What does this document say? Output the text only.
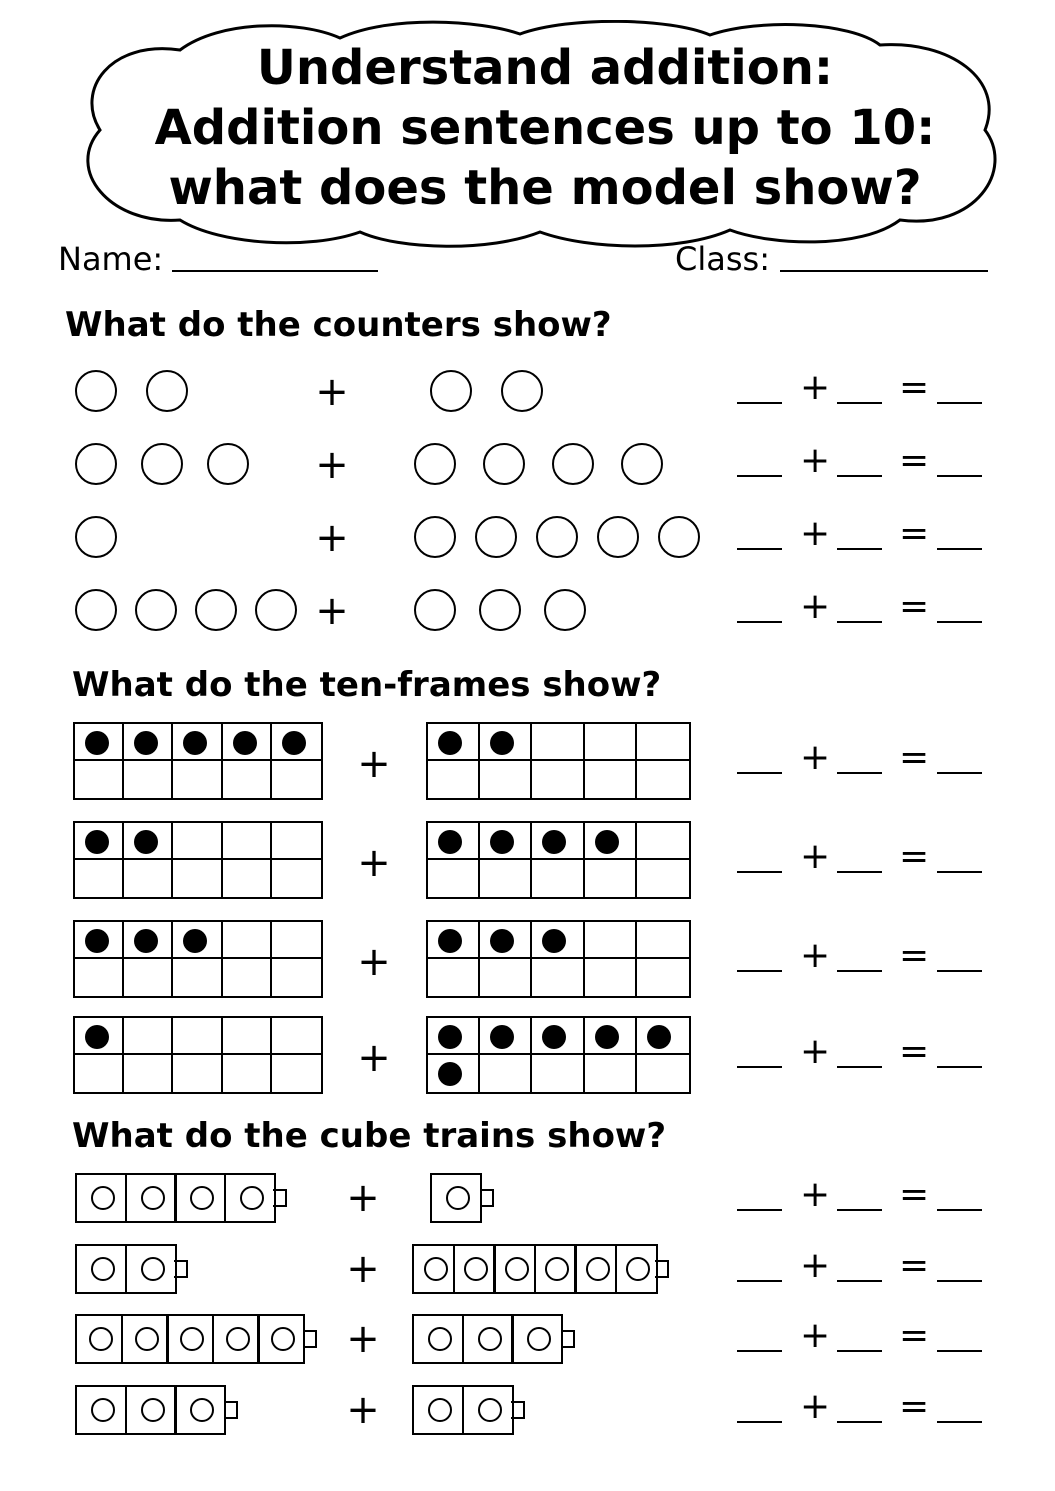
Understand addition: Addition sentences up to 10: what does the model show?
Name:	Class:
What do the counters show?
What do the ten-frames show?
What do the cube trains show?
+	+ =
+	+ =
+	+ =
+	+ =
+	+ =
+	+ =
+	+ =
+	+ =
+	+ =
+	+ =
+	+ =
+	+ =
